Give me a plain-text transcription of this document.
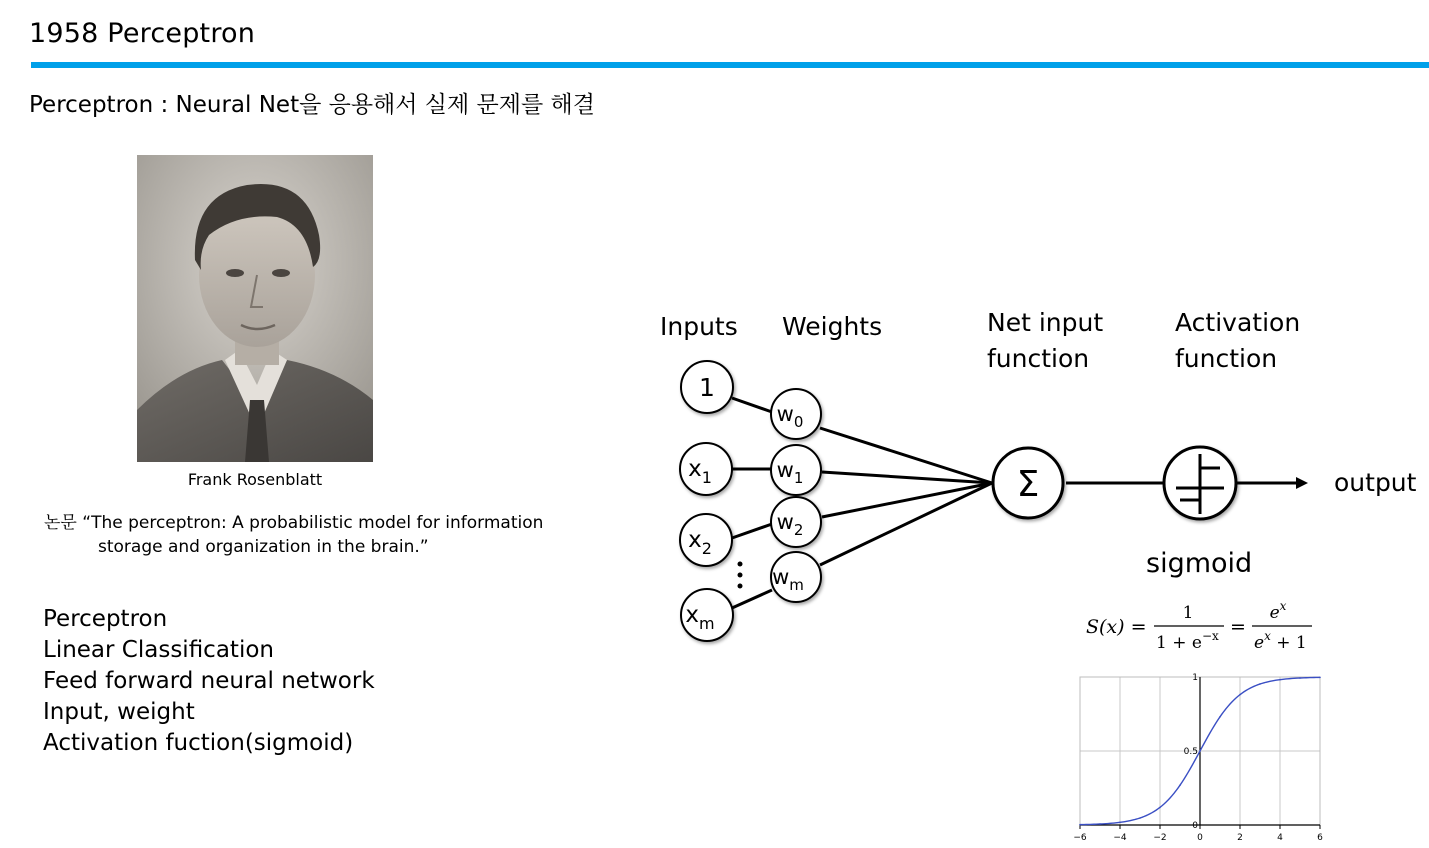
1958 Perceptron
Perceptron : Neural Net을 응용해서 실제 문제를 해결
Frank Rosenblatt
논문 “The perceptron: A probabilistic model for information
storage and organization in the brain.”
Perceptron
Linear Classification
Feed forward neural network
Input, weight
Activation fuction(sigmoid)
Inputs Weights	Net input
function
Activation
function
1
$x_1$
$x_2$
$x_m$
$w_0$
$w_1$
$w_2$
$w_m$
Σ	output
sigmoid
S(x) =
1
$1 + e^{-x}$ =
$e^x$
$e^x + 1$
−6	−4	−2	0	2	4	6
0
0.5
1
